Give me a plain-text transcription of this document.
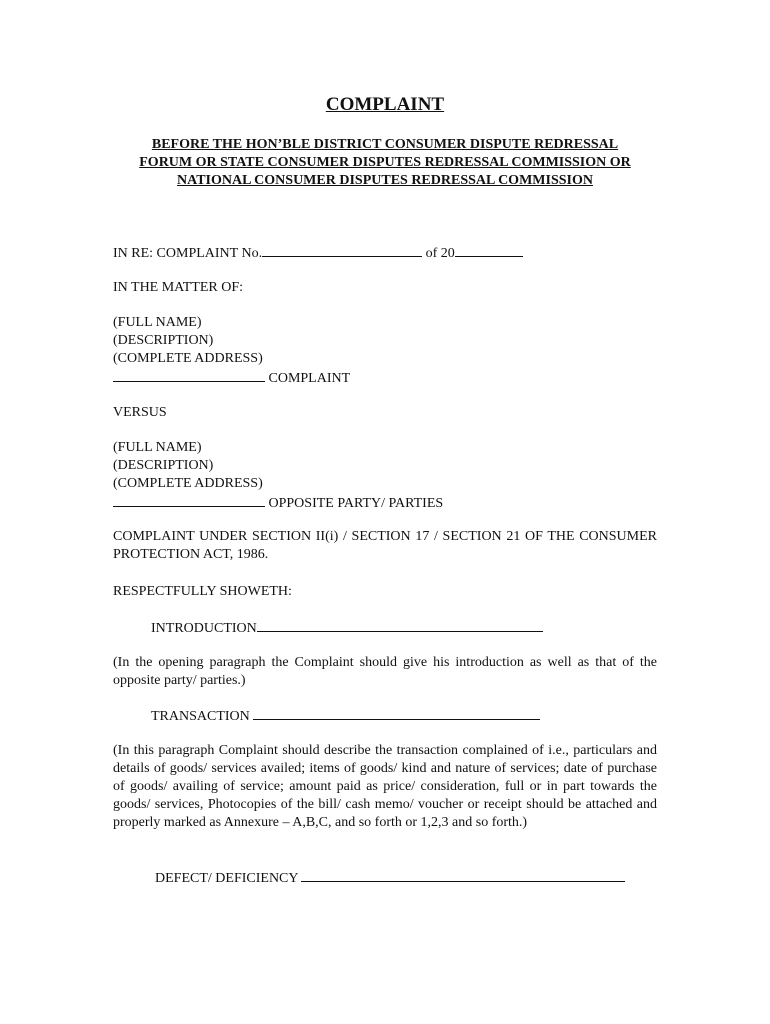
COMPLAINT
BEFORE THE HON’BLE DISTRICT CONSUMER DISPUTE REDRESSAL
FORUM OR STATE CONSUMER DISPUTES REDRESSAL COMMISSION OR
NATIONAL CONSUMER DISPUTES REDRESSAL COMMISSION
IN RE: COMPLAINT No.	of 20
IN THE MATTER OF:
(FULL NAME)
(DESCRIPTION)
(COMPLETE ADDRESS)
COMPLAINT
VERSUS
(FULL NAME)
(DESCRIPTION)
(COMPLETE ADDRESS)
OPPOSITE PARTY/ PARTIES
COMPLAINT UNDER SECTION II(i) / SECTION 17 / SECTION 21 OF THE CONSUMER PROTECTION ACT, 1986.
RESPECTFULLY SHOWETH:
INTRODUCTION
(In the opening paragraph the Complaint should give his introduction as well as that of the opposite party/ parties.)
TRANSACTION
(In this paragraph Complaint should describe the transaction complained of i.e., particulars and details of goods/ services availed; items of goods/ kind and nature of services; date of purchase of goods/ availing of service; amount paid as price/ consideration, full or in part towards the goods/ services, Photocopies of the bill/ cash memo/ voucher or receipt should be attached and properly marked as Annexure – A,B,C, and so forth or 1,2,3 and so forth.)
DEFECT/ DEFICIENCY
